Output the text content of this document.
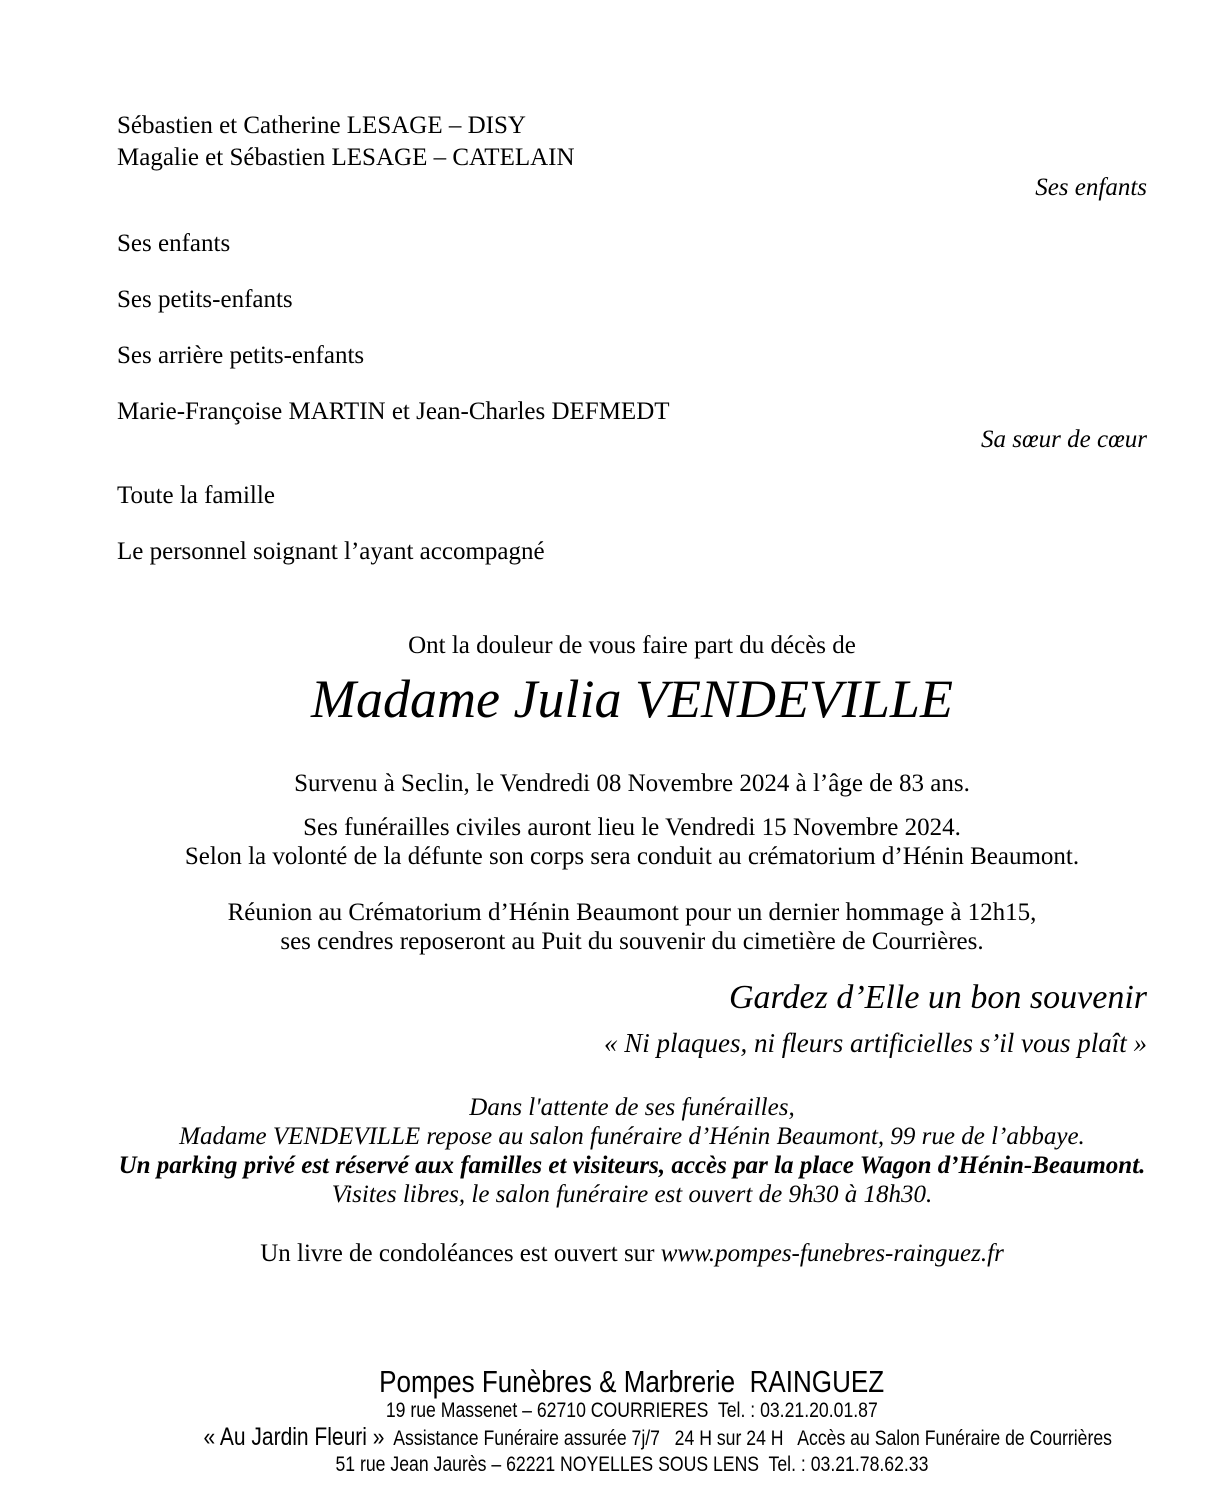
Sébastien et Catherine LESAGE – DISY
Magalie et Sébastien LESAGE – CATELAIN
Ses enfants
Ses enfants
Ses petits-enfants
Ses arrière petits-enfants
Marie-Françoise MARTIN et Jean-Charles DEFMEDT
Sa sœur de cœur
Toute la famille
Le personnel soignant l’ayant accompagné
Ont la douleur de vous faire part du décès de
Madame Julia VENDEVILLE
Survenu à Seclin, le Vendredi 08 Novembre 2024 à l’âge de 83 ans.
Ses funérailles civiles auront lieu le Vendredi 15 Novembre 2024.
Selon la volonté de la défunte son corps sera conduit au crématorium d’Hénin Beaumont.
Réunion au Crématorium d’Hénin Beaumont pour un dernier hommage à 12h15,
ses cendres reposeront au Puit du souvenir du cimetière de Courrières.
Gardez d’Elle un bon souvenir
« Ni plaques, ni fleurs artificielles s’il vous plaît »
Dans l'attente de ses funérailles,
Madame VENDEVILLE repose au salon funéraire d’Hénin Beaumont, 99 rue de l’abbaye.
Un parking privé est réservé aux familles et visiteurs, accès par la place Wagon d’Hénin-Beaumont.
Visites libres, le salon funéraire est ouvert de 9h30 à 18h30.
Un livre de condoléances est ouvert sur www.pompes-funebres-rainguez.fr
Pompes Funèbres & Marbrerie  RAINGUEZ
19 rue Massenet – 62710 COURRIERES  Tel. : 03.21.20.01.87
« Au Jardin Fleuri »  Assistance Funéraire assurée 7j/7   24 H sur 24 H   Accès au Salon Funéraire de Courrières
51 rue Jean Jaurès – 62221 NOYELLES SOUS LENS  Tel. : 03.21.78.62.33
